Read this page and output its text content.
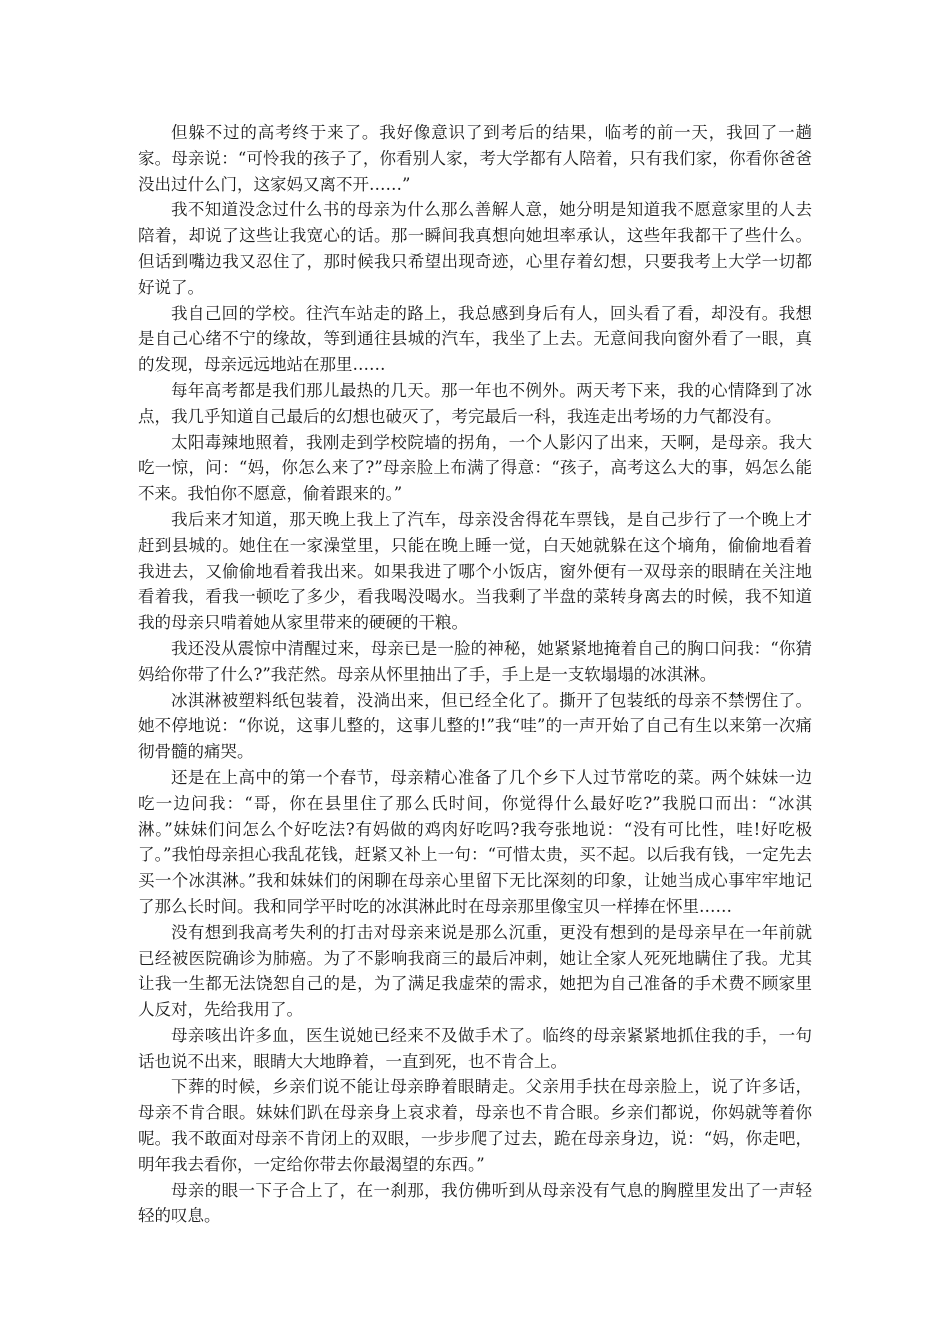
但躲不过的高考终于来了。我好像意识了到考后的结果，临考的前一天，我回了一趟家。母亲说：“可怜我的孩子了，你看别人家，考大学都有人陪着，只有我们家，你看你爸爸没出过什么门，这家妈又离不开……”

我不知道没念过什么书的母亲为什么那么善解人意，她分明是知道我不愿意家里的人去陪着，却说了这些让我宽心的话。那一瞬间我真想向她坦率承认，这些年我都干了些什么。但话到嘴边我又忍住了，那时候我只希望出现奇迹，心里存着幻想，只要我考上大学一切都好说了。

我自己回的学校。往汽车站走的路上，我总感到身后有人，回头看了看，却没有。我想是自己心绪不宁的缘故，等到通往县城的汽车，我坐了上去。无意间我向窗外看了一眼，真的发现，母亲远远地站在那里……

每年高考都是我们那儿最热的几天。那一年也不例外。两天考下来，我的心情降到了冰点，我几乎知道自己最后的幻想也破灭了，考完最后一科，我连走出考场的力气都没有。

太阳毒辣地照着，我刚走到学校院墙的拐角，一个人影闪了出来，天啊，是母亲。我大吃一惊，问：“妈，你怎么来了?”母亲脸上布满了得意：“孩子，高考这么大的事，妈怎么能不来。我怕你不愿意，偷着跟来的。”

我后来才知道，那天晚上我上了汽车，母亲没舍得花车票钱，是自己步行了一个晚上才赶到县城的。她住在一家澡堂里，只能在晚上睡一觉，白天她就躲在这个墒角，偷偷地看着我进去，又偷偷地看着我出来。如果我进了哪个小饭店，窗外便有一双母亲的眼睛在关注地看着我，看我一顿吃了多少，看我喝没喝水。当我剩了半盘的菜转身离去的时候，我不知道我的母亲只啃着她从家里带来的硬硬的干粮。

我还没从震惊中清醒过来，母亲已是一脸的神秘，她紧紧地掩着自己的胸口问我：“你猜妈给你带了什么?”我茫然。母亲从怀里抽出了手，手上是一支软塌塌的冰淇淋。

冰淇淋被塑料纸包装着，没淌出来，但已经全化了。撕开了包装纸的母亲不禁愣住了。她不停地说：“你说，这事儿整的，这事儿整的!”我“哇”的一声开始了自己有生以来第一次痛彻骨髓的痛哭。

还是在上高中的第一个春节，母亲精心准备了几个乡下人过节常吃的菜。两个妹妹一边吃一边问我：“哥，你在县里住了那么氏时间，你觉得什么最好吃?”我脱口而出：“冰淇淋。”妹妹们问怎么个好吃法?有妈做的鸡肉好吃吗?我夸张地说：“没有可比性，哇!好吃极了。”我怕母亲担心我乱花钱，赶紧又补上一句：“可惜太贵，买不起。以后我有钱，一定先去买一个冰淇淋。”我和妹妹们的闲聊在母亲心里留下无比深刻的印象，让她当成心事牢牢地记了那么长时间。我和同学平时吃的冰淇淋此时在母亲那里像宝贝一样捧在怀里……

没有想到我高考失利的打击对母亲来说是那么沉重，更没有想到的是母亲早在一年前就已经被医院确诊为肺癌。为了不影响我商三的最后冲刺，她让全家人死死地瞒住了我。尤其让我一生都无法饶恕自己的是，为了满足我虚荣的需求，她把为自己准备的手术费不顾家里人反对，先给我用了。

母亲咳出许多血，医生说她已经来不及做手术了。临终的母亲紧紧地抓住我的手，一句话也说不出来，眼睛大大地睁着，一直到死，也不肯合上。

下葬的时候，乡亲们说不能让母亲睁着眼睛走。父亲用手扶在母亲脸上，说了许多话，母亲不肯合眼。妹妹们趴在母亲身上哀求着，母亲也不肯合眼。乡亲们都说，你妈就等着你呢。我不敢面对母亲不肯闭上的双眼，一步步爬了过去，跪在母亲身边，说：“妈，你走吧，明年我去看你，一定给你带去你最渴望的东西。”

母亲的眼一下子合上了，在一刹那，我仿佛听到从母亲没有气息的胸膛里发出了一声轻轻的叹息。
